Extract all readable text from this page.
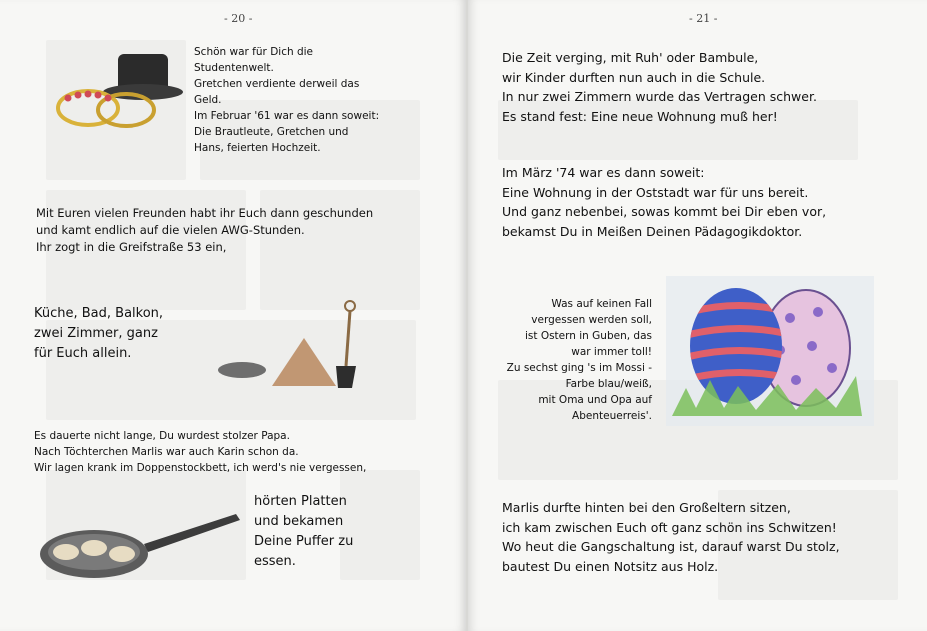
- 20 -
Schön war für Dich die
Studentenwelt.
Gretchen verdiente derweil das
Geld.
Im Februar '61 war es dann soweit:
Die Brautleute, Gretchen und
Hans, feierten Hochzeit.
Mit Euren vielen Freunden habt ihr Euch dann geschunden
und kamt endlich auf die vielen AWG-Stunden.
Ihr zogt in die Greifstraße 53 ein,
Küche, Bad, Balkon,
zwei Zimmer, ganz
für Euch allein.
Es dauerte nicht lange, Du wurdest stolzer Papa.
Nach Töchterchen Marlis war auch Karin schon da.
Wir lagen krank im Doppenstockbett, ich werd's nie vergessen,
hörten Platten
und bekamen
Deine Puffer zu
essen.
- 21 -
Die Zeit verging, mit Ruh' oder Bambule,
wir Kinder durften nun auch in die Schule.
In nur zwei Zimmern wurde das Vertragen schwer.
Es stand fest: Eine neue Wohnung muß her!
Im März '74 war es dann soweit:
Eine Wohnung in der Oststadt war für uns bereit.
Und ganz nebenbei, sowas kommt bei Dir eben vor,
bekamst Du in Meißen Deinen Pädagogikdoktor.
Was auf keinen Fall
vergessen werden soll,
ist Ostern in Guben, das
war immer toll!
Zu sechst ging 's im Mossi -
Farbe blau/weiß,
mit Oma und Opa auf
Abenteuerreis'.
Marlis durfte hinten bei den Großeltern sitzen,
ich kam zwischen Euch oft ganz schön ins Schwitzen!
Wo heut die Gangschaltung ist, darauf warst Du stolz,
bautest Du einen Notsitz aus Holz.
